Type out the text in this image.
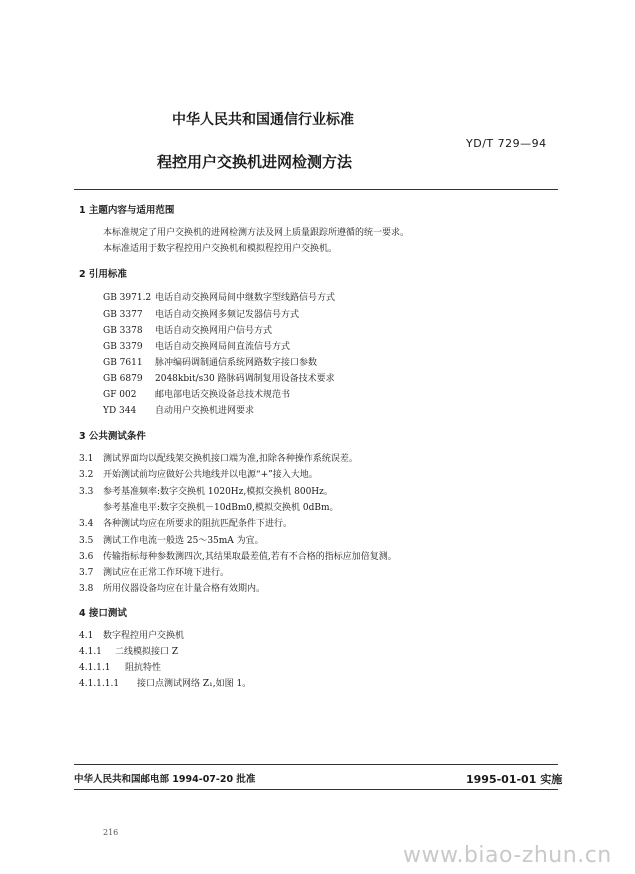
中华人民共和国通信行业标准
YD/T 729—94
程控用户交换机进网检测方法
1 主题内容与适用范围
本标准规定了用户交换机的进网检测方法及网上质量跟踪所遵循的统一要求。
本标准适用于数字程控用户交换机和模拟程控用户交换机。
2 引用标准
GB 3971.2 电话自动交换网局间中继数字型线路信号方式
GB 3377 电话自动交换网多频记发器信号方式
GB 3378 电话自动交换网用户信号方式
GB 3379 电话自动交换网局间直流信号方式
GB 7611 脉冲编码调制通信系统网路数字接口参数
GB 6879 2048kbit/s30 路脉码调制复用设备技术要求
GF 002 邮电部电话交换设备总技术规范书
YD 344 自动用户交换机进网要求
3 公共测试条件
3.1 测试界面均以配线架交换机接口端为准,扣除各种操作系统误差。
3.2 开始测试前均应做好公共地线并以电源“+”接入大地。
3.3 参考基准频率:数字交换机 1020Hz,模拟交换机 800Hz。
参考基准电平:数字交换机－10dBm0,模拟交换机 0dBm。
3.4 各种测试均应在所要求的阻抗匹配条件下进行。
3.5 测试工作电流一般选 25～35mA 为宜。
3.6 传输指标每种参数测四次,其结果取最差值,若有不合格的指标应加倍复测。
3.7 测试应在正常工作环境下进行。
3.8 所用仪器设备均应在计量合格有效期内。
4 接口测试
4.1 数字程控用户交换机
4.1.1 二线模拟接口 Z
4.1.1.1 阻抗特性
4.1.1.1.1 接口点测试网络 Z₁,如图 1。
中华人民共和国邮电部 1994-07-20 批准	1995-01-01 实施
216
www.biao-zhun.cn
